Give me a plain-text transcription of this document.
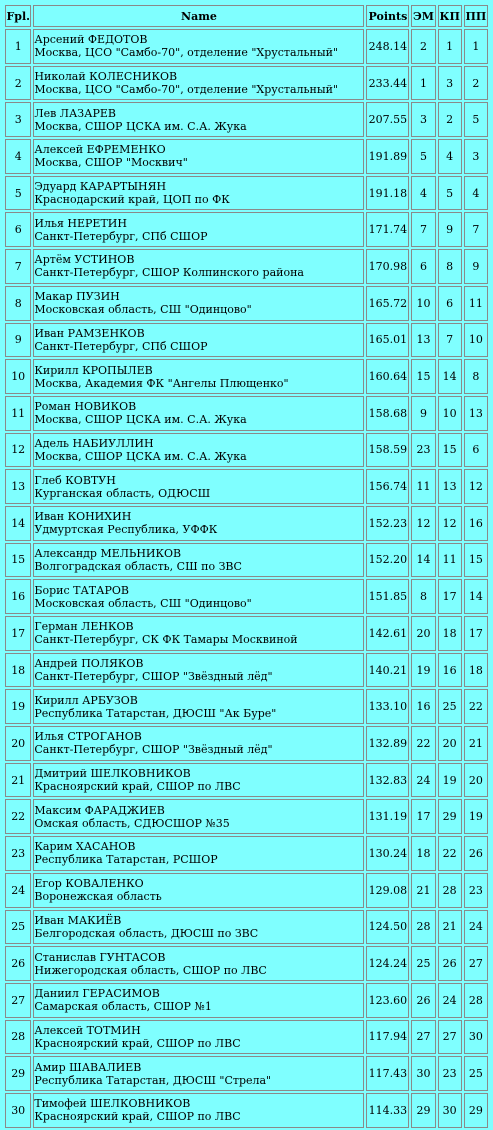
Fpl.	Name	Points	ЭМ	КП	ПП
1	Арсений ФЕДОТОВ
Москва, ЦСО "Самбо-70", отделение "Хрустальный"	248.14	2	1	1
2	Николай КОЛЕСНИКОВ
Москва, ЦСО "Самбо-70", отделение "Хрустальный"	233.44	1	3	2
3	Лев ЛАЗАРЕВ
Москва, СШОР ЦСКА им. С.А. Жука	207.55	3	2	5
4	Алексей ЕФРЕМЕНКО
Москва, СШОР "Москвич"	191.89	5	4	3
5	Эдуард КАРАРТЫНЯН
Краснодарский край, ЦОП по ФК	191.18	4	5	4
6	Илья НЕРЕТИН
Санкт-Петербург, СПб СШОР	171.74	7	9	7
7	Артём УСТИНОВ
Санкт-Петербург, СШОР Колпинского района	170.98	6	8	9
8	Макар ПУЗИН
Московская область, СШ "Одинцово"	165.72	10	6	11
9	Иван РАМЗЕНКОВ
Санкт-Петербург, СПб СШОР	165.01	13	7	10
10	Кирилл КРОПЫЛЕВ
Москва, Академия ФК "Ангелы Плющенко"	160.64	15	14	8
11	Роман НОВИКОВ
Москва, СШОР ЦСКА им. С.А. Жука	158.68	9	10	13
12	Адель НАБИУЛЛИН
Москва, СШОР ЦСКА им. С.А. Жука	158.59	23	15	6
13	Глеб КОВТУН
Курганская область, ОДЮСШ	156.74	11	13	12
14	Иван КОНИХИН
Удмуртская Республика, УФФК	152.23	12	12	16
15	Александр МЕЛЬНИКОВ
Волгоградская область, СШ по ЗВС	152.20	14	11	15
16	Борис ТАТАРОВ
Московская область, СШ "Одинцово"	151.85	8	17	14
17	Герман ЛЕНКОВ
Санкт-Петербург, СК ФК Тамары Москвиной	142.61	20	18	17
18	Андрей ПОЛЯКОВ
Санкт-Петербург, СШОР "Звёздный лёд"	140.21	19	16	18
19	Кирилл АРБУЗОВ
Республика Татарстан, ДЮСШ "Ак Буре"	133.10	16	25	22
20	Илья СТРОГАНОВ
Санкт-Петербург, СШОР "Звёздный лёд"	132.89	22	20	21
21	Дмитрий ШЕЛКОВНИКОВ
Красноярский край, СШОР по ЛВС	132.83	24	19	20
22	Максим ФАРАДЖИЕВ
Омская область, СДЮСШОР №35	131.19	17	29	19
23	Карим ХАСАНОВ
Республика Татарстан, РСШОР	130.24	18	22	26
24	Егор КОВАЛЕНКО
Воронежская область	129.08	21	28	23
25	Иван МАКИЁВ
Белгородская область, ДЮСШ по ЗВС	124.50	28	21	24
26	Станислав ГУНТАСОВ
Нижегородская область, СШОР по ЛВС	124.24	25	26	27
27	Даниил ГЕРАСИМОВ
Самарская область, СШОР №1	123.60	26	24	28
28	Алексей ТОТМИН
Красноярский край, СШОР по ЛВС	117.94	27	27	30
29	Амир ШАВАЛИЕВ
Республика Татарстан, ДЮСШ "Стрела"	117.43	30	23	25
30	Тимофей ШЕЛКОВНИКОВ
Красноярский край, СШОР по ЛВС	114.33	29	30	29
